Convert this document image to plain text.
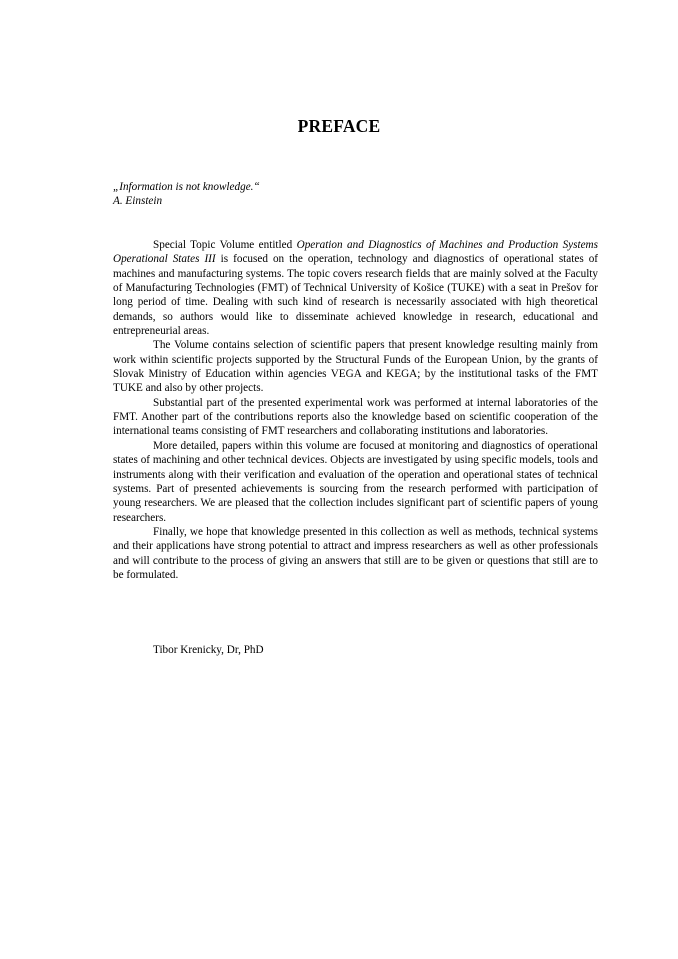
PREFACE
„Information is not knowledge.“
A. Einstein

Special Topic Volume entitled Operation and Diagnostics of Machines and Production Systems Operational States III is focused on the operation, technology and diagnostics of operational states of machines and manufacturing systems. The topic covers research fields that are mainly solved at the Faculty of Manufacturing Technologies (FMT) of Technical University of Košice (TUKE) with a seat in Prešov for long period of time. Dealing with such kind of research is necessarily associated with high theoretical demands, so authors would like to disseminate achieved knowledge in research, educational and entrepreneurial areas.

The Volume contains selection of scientific papers that present knowledge resulting mainly from work within scientific projects supported by the Structural Funds of the European Union, by the grants of Slovak Ministry of Education within agencies VEGA and KEGA; by the institutional tasks of the FMT TUKE and also by other projects.

Substantial part of the presented experimental work was performed at internal laboratories of the FMT. Another part of the contributions reports also the knowledge based on scientific cooperation of the international teams consisting of FMT researchers and collaborating institutions and laboratories.

More detailed, papers within this volume are focused at monitoring and diagnostics of operational states of machining and other technical devices. Objects are investigated by using specific models, tools and instruments along with their verification and evaluation of the operation and operational states of technical systems. Part of presented achievements is sourcing from the research performed with participation of young researchers. We are pleased that the collection includes significant part of scientific papers of young researchers.

Finally, we hope that knowledge presented in this collection as well as methods, technical systems and their applications have strong potential to attract and impress researchers as well as other professionals and will contribute to the process of giving an answers that still are to be given or questions that still are to be formulated.

Tibor Krenicky, Dr, PhD
